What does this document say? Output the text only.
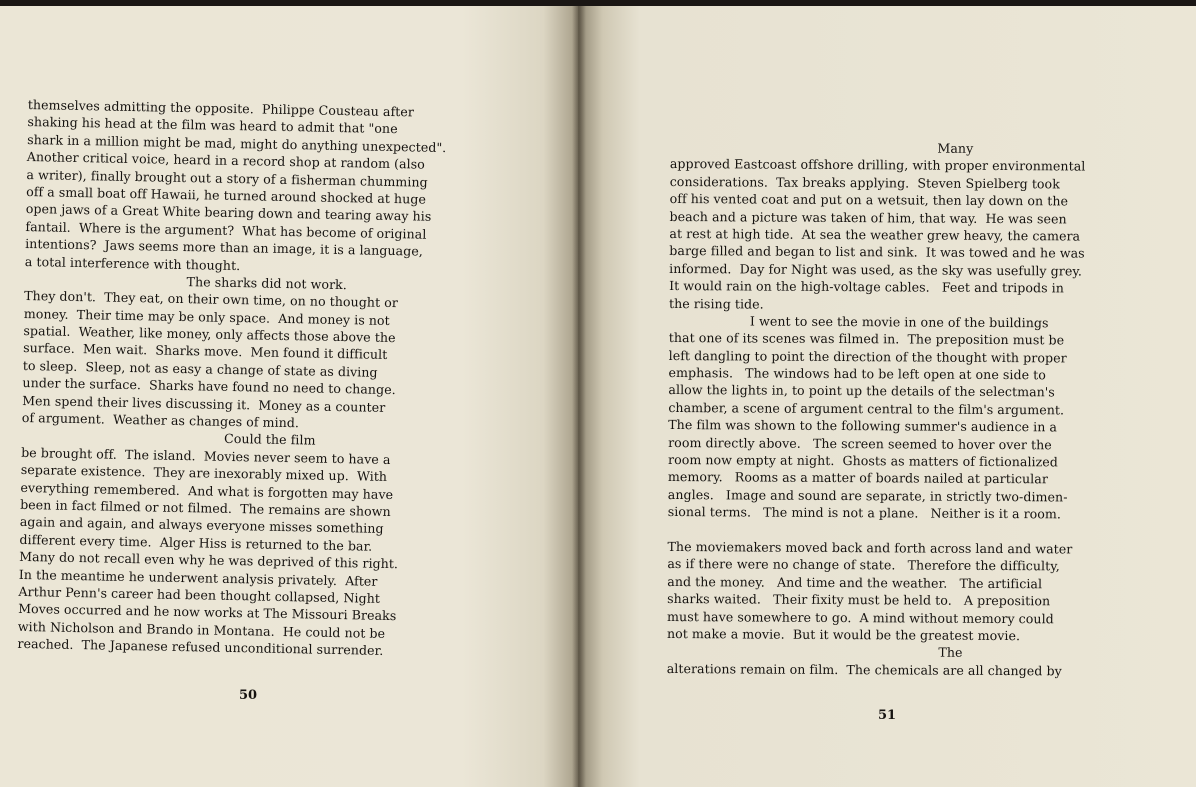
themselves admitting the opposite.  Philippe Cousteau after
shaking his head at the film was heard to admit that "one
shark in a million might be mad, might do anything unexpected".
Another critical voice, heard in a record shop at random (also
a writer), finally brought out a story of a fisherman chumming
off a small boat off Hawaii, he turned around shocked at huge
open jaws of a Great White bearing down and tearing away his
fantail.  Where is the argument?  What has become of original
intentions?  Jaws seems more than an image, it is a language,
a total interference with thought.
The sharks did not work.
They don't.  They eat, on their own time, on no thought or
money.  Their time may be only space.  And money is not
spatial.  Weather, like money, only affects those above the
surface.  Men wait.  Sharks move.  Men found it difficult
to sleep.  Sleep, not as easy a change of state as diving
under the surface.  Sharks have found no need to change.
Men spend their lives discussing it.  Money as a counter
of argument.  Weather as changes of mind.
Could the film
be brought off.  The island.  Movies never seem to have a
separate existence.  They are inexorably mixed up.  With
everything remembered.  And what is forgotten may have
been in fact filmed or not filmed.  The remains are shown
again and again, and always everyone misses something
different every time.  Alger Hiss is returned to the bar.
Many do not recall even why he was deprived of this right.
In the meantime he underwent analysis privately.  After
Arthur Penn's career had been thought collapsed, Night
Moves occurred and he now works at The Missouri Breaks
with Nicholson and Brando in Montana.  He could not be
reached.  The Japanese refused unconditional surrender.
50
Many
approved Eastcoast offshore drilling, with proper environmental
considerations.  Tax breaks applying.  Steven Spielberg took
off his vented coat and put on a wetsuit, then lay down on the
beach and a picture was taken of him, that way.  He was seen
at rest at high tide.  At sea the weather grew heavy, the camera
barge filled and began to list and sink.  It was towed and he was
informed.  Day for Night was used, as the sky was usefully grey.
It would rain on the high-voltage cables.   Feet and tripods in
the rising tide.
I went to see the movie in one of the buildings
that one of its scenes was filmed in.  The preposition must be
left dangling to point the direction of the thought with proper
emphasis.   The windows had to be left open at one side to
allow the lights in, to point up the details of the selectman's
chamber, a scene of argument central to the film's argument.
The film was shown to the following summer's audience in a
room directly above.   The screen seemed to hover over the
room now empty at night.  Ghosts as matters of fictionalized
memory.   Rooms as a matter of boards nailed at particular
angles.   Image and sound are separate, in strictly two-dimen-
sional terms.   The mind is not a plane.   Neither is it a room.
The moviemakers moved back and forth across land and water
as if there were no change of state.   Therefore the difficulty,
and the money.   And time and the weather.   The artificial
sharks waited.   Their fixity must be held to.   A preposition
must have somewhere to go.  A mind without memory could
not make a movie.  But it would be the greatest movie.
The
alterations remain on film.  The chemicals are all changed by
51
